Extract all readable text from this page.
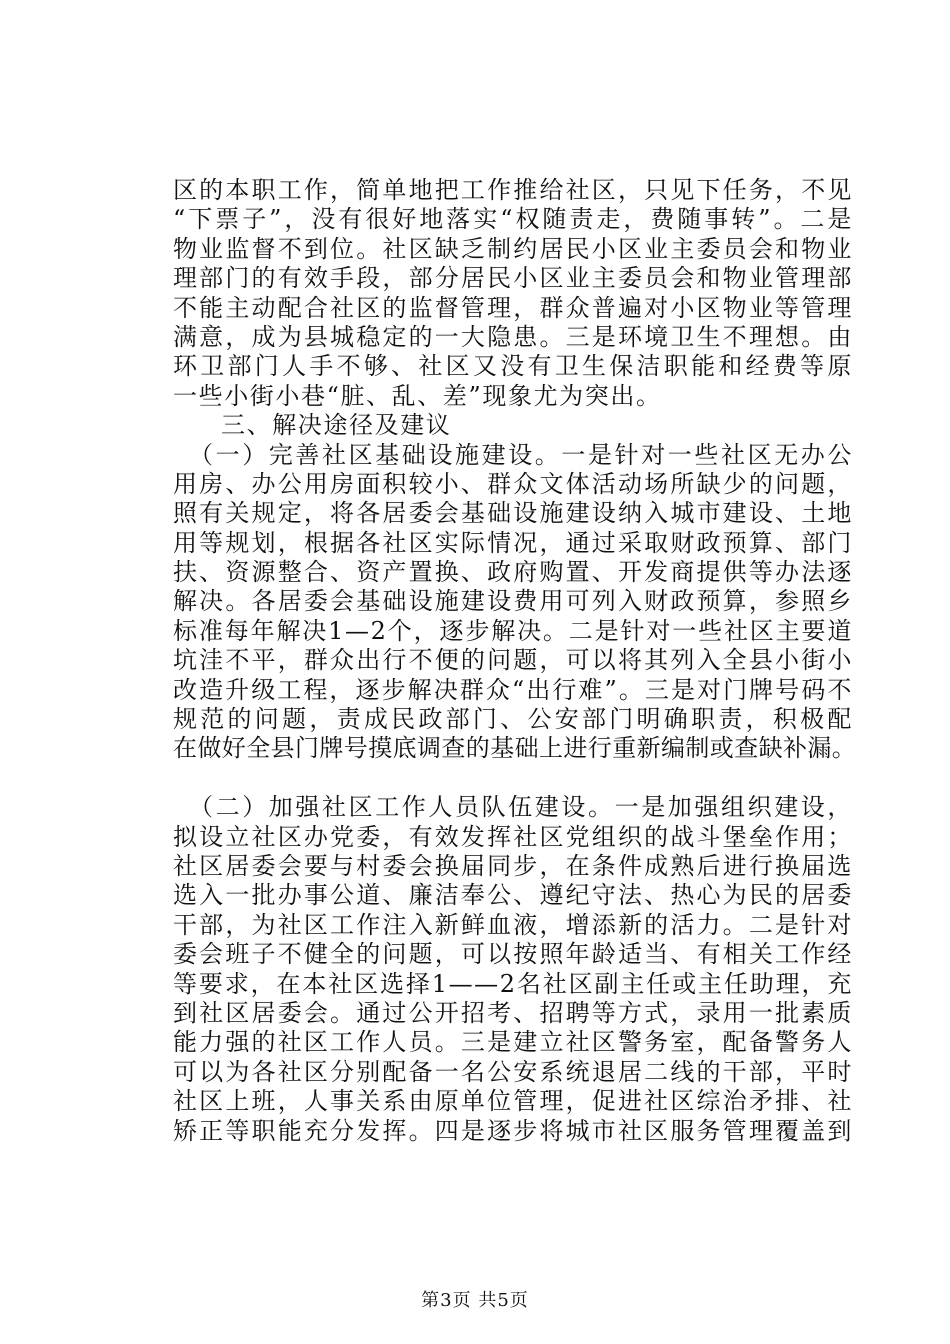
区的本职工作，简单地把工作推给社区，只见下任务，不见
“下票子”，没有很好地落实“权随责走，费随事转”。二是
物业监督不到位。社区缺乏制约居民小区业主委员会和物业
理部门的有效手段，部分居民小区业主委员会和物业管理部
不能主动配合社区的监督管理，群众普遍对小区物业等管理
满意，成为县城稳定的一大隐患。三是环境卫生不理想。由
环卫部门人手不够、社区又没有卫生保洁职能和经费等原
一些小街小巷“脏、乱、差”现象尤为突出。
三、解决途径及建议
（一）完善社区基础设施建设。一是针对一些社区无办公
用房、办公用房面积较小、群众文体活动场所缺少的问题，
照有关规定，将各居委会基础设施建设纳入城市建设、土地
用等规划，根据各社区实际情况，通过采取财政预算、部门
扶、资源整合、资产置换、政府购置、开发商提供等办法逐
解决。各居委会基础设施建设费用可列入财政预算，参照乡
标准每年解决1—2个，逐步解决。二是针对一些社区主要道
坑洼不平，群众出行不便的问题，可以将其列入全县小街小
改造升级工程，逐步解决群众“出行难”。三是对门牌号码不
规范的问题，责成民政部门、公安部门明确职责，积极配
在做好全县门牌号摸底调查的基础上进行重新编制或查缺补漏。
（二）加强社区工作人员队伍建设。一是加强组织建设，
拟设立社区办党委，有效发挥社区党组织的战斗堡垒作用；
社区居委会要与村委会换届同步，在条件成熟后进行换届选
选入一批办事公道、廉洁奉公、遵纪守法、热心为民的居委
干部，为社区工作注入新鲜血液，增添新的活力。二是针对
委会班子不健全的问题，可以按照年龄适当、有相关工作经
等要求，在本社区选择1——2名社区副主任或主任助理，充
到社区居委会。通过公开招考、招聘等方式，录用一批素质
能力强的社区工作人员。三是建立社区警务室，配备警务人
可以为各社区分别配备一名公安系统退居二线的干部，平时
社区上班，人事关系由原单位管理，促进社区综治矛排、社
矫正等职能充分发挥。四是逐步将城市社区服务管理覆盖到
第3页 共5页
